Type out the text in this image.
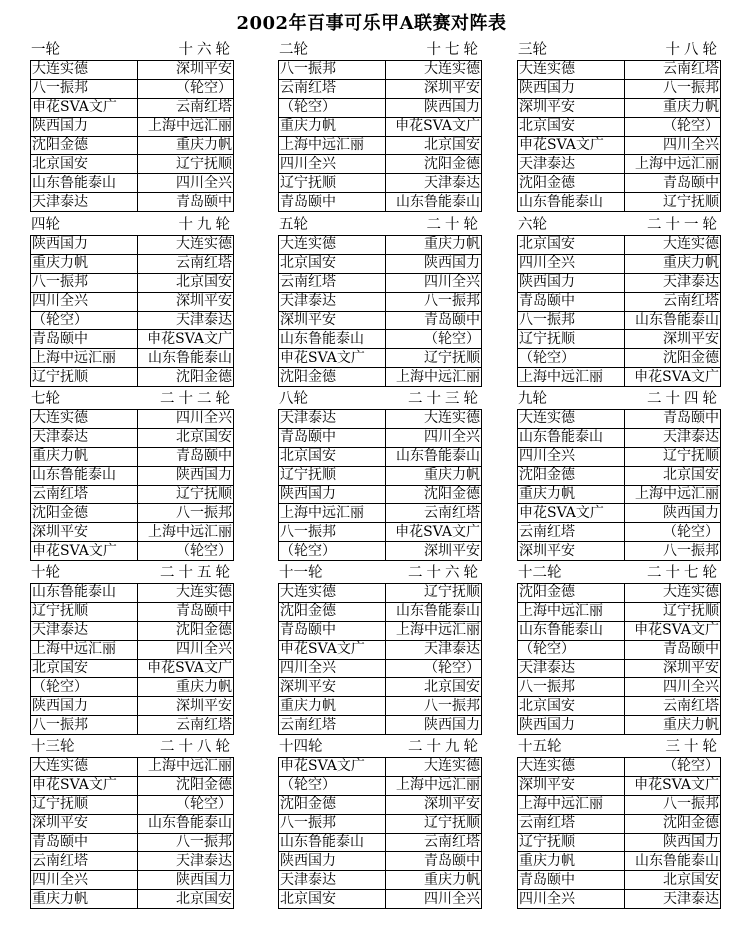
2002年百事可乐甲A联赛对阵表
一轮	十六轮
大连实德	深圳平安
八一振邦	（轮空）
申花SVA文广	云南红塔
陕西国力	上海中远汇丽
沈阳金德	重庆力帆
北京国安	辽宁抚顺
山东鲁能泰山	四川全兴
天津泰达	青岛颐中
二轮	十七轮
八一振邦	大连实德
云南红塔	深圳平安
（轮空）	陕西国力
重庆力帆	申花SVA文广
上海中远汇丽	北京国安
四川全兴	沈阳金德
辽宁抚顺	天津泰达
青岛颐中	山东鲁能泰山
三轮	十八轮
大连实德	云南红塔
陕西国力	八一振邦
深圳平安	重庆力帆
北京国安	（轮空）
申花SVA文广	四川全兴
天津泰达	上海中远汇丽
沈阳金德	青岛颐中
山东鲁能泰山	辽宁抚顺
四轮	十九轮
陕西国力	大连实德
重庆力帆	云南红塔
八一振邦	北京国安
四川全兴	深圳平安
（轮空）	天津泰达
青岛颐中	申花SVA文广
上海中远汇丽	山东鲁能泰山
辽宁抚顺	沈阳金德
五轮	二十轮
大连实德	重庆力帆
北京国安	陕西国力
云南红塔	四川全兴
天津泰达	八一振邦
深圳平安	青岛颐中
山东鲁能泰山	（轮空）
申花SVA文广	辽宁抚顺
沈阳金德	上海中远汇丽
六轮	二十一轮
北京国安	大连实德
四川全兴	重庆力帆
陕西国力	天津泰达
青岛颐中	云南红塔
八一振邦	山东鲁能泰山
辽宁抚顺	深圳平安
（轮空）	沈阳金德
上海中远汇丽	申花SVA文广
七轮	二十二轮
大连实德	四川全兴
天津泰达	北京国安
重庆力帆	青岛颐中
山东鲁能泰山	陕西国力
云南红塔	辽宁抚顺
沈阳金德	八一振邦
深圳平安	上海中远汇丽
申花SVA文广	（轮空）
八轮	二十三轮
天津泰达	大连实德
青岛颐中	四川全兴
北京国安	山东鲁能泰山
辽宁抚顺	重庆力帆
陕西国力	沈阳金德
上海中远汇丽	云南红塔
八一振邦	申花SVA文广
（轮空）	深圳平安
九轮	二十四轮
大连实德	青岛颐中
山东鲁能泰山	天津泰达
四川全兴	辽宁抚顺
沈阳金德	北京国安
重庆力帆	上海中远汇丽
申花SVA文广	陕西国力
云南红塔	（轮空）
深圳平安	八一振邦
十轮	二十五轮
山东鲁能泰山	大连实德
辽宁抚顺	青岛颐中
天津泰达	沈阳金德
上海中远汇丽	四川全兴
北京国安	申花SVA文广
（轮空）	重庆力帆
陕西国力	深圳平安
八一振邦	云南红塔
十一轮	二十六轮
大连实德	辽宁抚顺
沈阳金德	山东鲁能泰山
青岛颐中	上海中远汇丽
申花SVA文广	天津泰达
四川全兴	（轮空）
深圳平安	北京国安
重庆力帆	八一振邦
云南红塔	陕西国力
十二轮	二十七轮
沈阳金德	大连实德
上海中远汇丽	辽宁抚顺
山东鲁能泰山	申花SVA文广
（轮空）	青岛颐中
天津泰达	深圳平安
八一振邦	四川全兴
北京国安	云南红塔
陕西国力	重庆力帆
十三轮	二十八轮
大连实德	上海中远汇丽
申花SVA文广	沈阳金德
辽宁抚顺	（轮空）
深圳平安	山东鲁能泰山
青岛颐中	八一振邦
云南红塔	天津泰达
四川全兴	陕西国力
重庆力帆	北京国安
十四轮	二十九轮
申花SVA文广	大连实德
（轮空）	上海中远汇丽
沈阳金德	深圳平安
八一振邦	辽宁抚顺
山东鲁能泰山	云南红塔
陕西国力	青岛颐中
天津泰达	重庆力帆
北京国安	四川全兴
十五轮	三十轮
大连实德	（轮空）
深圳平安	申花SVA文广
上海中远汇丽	八一振邦
云南红塔	沈阳金德
辽宁抚顺	陕西国力
重庆力帆	山东鲁能泰山
青岛颐中	北京国安
四川全兴	天津泰达
